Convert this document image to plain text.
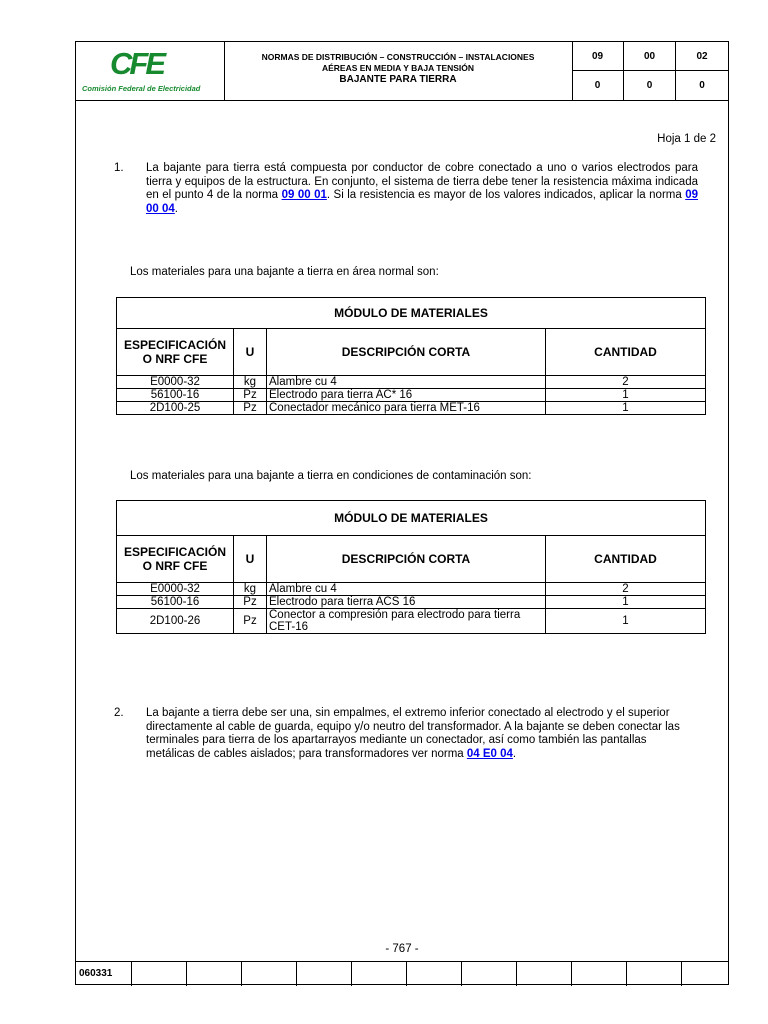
CFE
Comisión Federal de Electricidad
NORMAS DE DISTRIBUCIÓN – CONSTRUCCIÓN – INSTALACIONES
AÉREAS EN MEDIA Y BAJA TENSIÓN
BAJANTE PARA TIERRA
09	00	02
0	0	0
Hoja 1 de 2
1. La bajante para tierra está compuesta por conductor de cobre conectado a uno o varios electrodos para tierra y equipos de la estructura. En conjunto, el sistema de tierra debe tener la resistencia máxima indicada en el punto 4 de la norma 09 00 01. Si la resistencia es mayor de los valores indicados, aplicar la norma 09 00 04.
Los materiales para una bajante a tierra en área normal son:
MÓDULO DE MATERIALES			
ESPECIFICACIÓN O NRF CFE	U	DESCRIPCIÓN CORTA	CANTIDAD
E0000-32	kg	Alambre cu 4	2
56100-16	Pz	Electrodo para tierra AC* 16	1
2D100-25	Pz	Conectador mecánico para tierra MET-16	1
Los materiales para una bajante a tierra en condiciones de contaminación son:
MÓDULO DE MATERIALES			
ESPECIFICACIÓN O NRF CFE	U	DESCRIPCIÓN CORTA	CANTIDAD
E0000-32	kg	Alambre cu 4	2
56100-16	Pz	Electrodo para tierra ACS 16	1
2D100-26	Pz	Conector a compresión para electrodo para tierra CET-16	1
2. La bajante a tierra debe ser una, sin empalmes, el extremo inferior conectado al electrodo y el superior directamente al cable de guarda, equipo y/o neutro del transformador. A la bajante se deben conectar las terminales para tierra de los apartarrayos mediante un conectador, así como también las pantallas metálicas de cables aislados; para transformadores ver norma 04 E0 04.
- 767 -
060331
